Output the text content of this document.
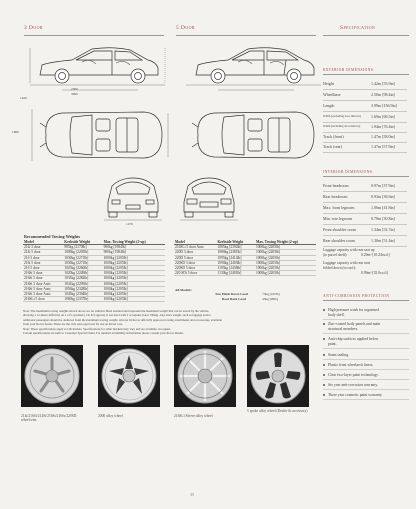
3 Door	5 Door	Specification
2500
3990
1690
1470
1420
EXTERIOR DIMENSIONS
Height	1.42m [55.9in]
Wheelbase	2.50m [98.4in]
Length	3.99m [156.9in]
Width (excluding door mirrors)	1.69m [66.5in]
Width (including door mirrors)	1.94m [76.4in]
Track (front)	1.47m [58.0in]
Track (rear)	1.47m [57.9in]
INTERIOR DIMENSIONS
Front headroom	0.97m [37.9in]
Rear headroom	0.93m [36.6in]
Max. front legroom	1.06m [41.8in]
Min. rear legroom	0.78m [30.8in]
Front shoulder room	1.34m [52.7in]
Rear shoulder room	1.30m [51.4in]
Luggage capacity with rear seat up
(to parcel shelf):	0.29m³ [10.24cu.ft]
Luggage capacity with rear seat
folded down (to roof):
0.99m³ [35.0cu.ft]
ANTI-CORROSION PROTECTION
High pressure wash for organised
body shell.
Zinc-coated body panels and main
structural members.
Anti-chip surfaces applied below
paint.
Seam sealing.
Plastic front wheelarch liners.
Clear two-layer paint technology.
Six year anti-corrosion warranty.
Three year cosmetic paint warranty.
Recommended Towing Weights
Model	Kerbside Weight	Max. Towing Weight (2-up)
214i 3 door	985kg [2170lb]	900kg [1984lb]
214i 5 door	1000kg [2205lb]	900kg [1984lb]
216 3 door	1030kg [2271lb]	1000kg [2205lb]
216i 5 door	1030kg [2271lb]	1000kg [2205lb]
216 5 door	1025kg [2260lb]	1000kg [2205lb]
216Si 3 door	1020kg [2249lb]	1000kg [2205lb]
216Si 5 door	1035kg [2282lb]	1000kg [2205lb]
216Si 3 door Auto	1041kg [2295lb]	1000kg [2205lb]
216Si 5 door Auto	1056kg [2328lb]	1000kg [2205lb]
216Si 3 door Auto	1045kg [2304lb]	1000kg [2205lb]
216SLi 5 door	1060kg [2337lb]	1000kg [2205lb]
Model	Kerbside Weight	Max. Towing Weight (2-up)
216SLi 5 door Auto	1085kg [2392lb]	1000kg [2205lb]
220D 3 door	1080kg [2381lb]	1000kg [2205lb]
220D 5 door	1095kg [2414lb]	1000kg [2205lb]
220SD 3 door	1090kg [2403lb]	1000kg [2205lb]
220SD 5 door	1105kg [2436lb]	1000kg [2205lb]
220 SDi 5 door	1130kg [2491lb]	1000kg [2205lb]
All Models:
Tow Hitch Down Load	75kg [165lb]
Roof Rack Load	45kg [99lb]
Note: The maximum towing weights shown above are on vehicles fitted standard and represent the maximum weight that can be towed by the vehicle,
allowing a 12-metre difficulty on a 12% gradient (1 in 8.3 approx) at sea level with 2 occupants [total 150kg]. Any extra weight, such as luggage and/or
additional passengers should be deducted from the maximum towing weight. Always fit Rover officially approved towing attachments and accessories, available
from your Rover dealer. These are the only ones approved for use on Rover cars.
Note: These specifications apply to UK models. Specifications for other markets may vary and are available on request.
Certain specifications are built to Customer Special Order. For detailed availability information please consult your Rover Dealer.
214i/216Si/214Si/216Si/216Ss/220SD wheel trim
2000 alloy wheel	216SLi Sleeve alloy wheel
5 spoke alloy wheel (Dealer fit accessory)
35
